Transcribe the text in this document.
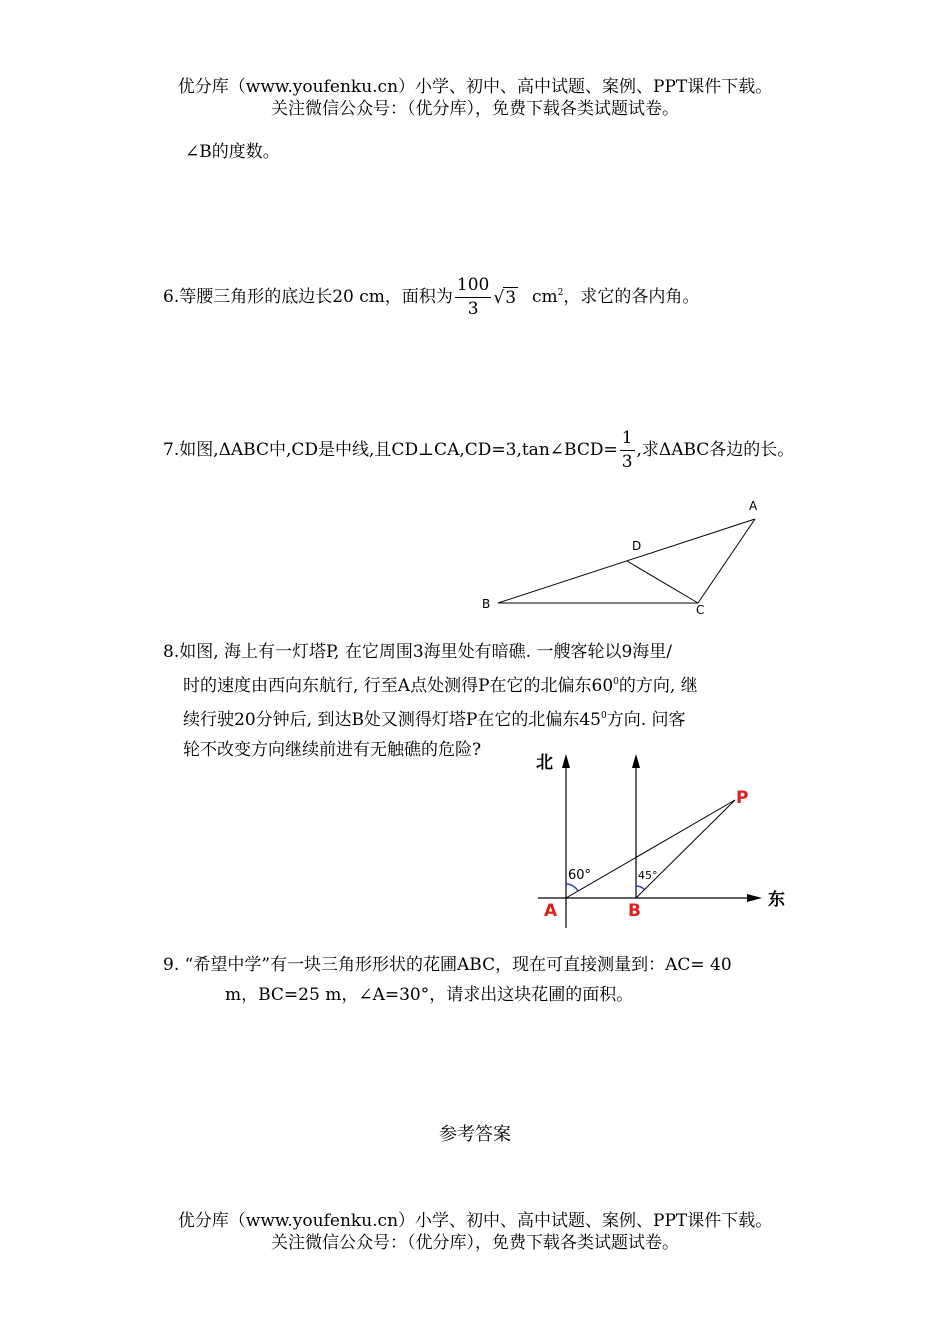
优分库（www.youfenku.cn）小学、初中、高中试题、案例、PPT课件下载。
关注微信公众号：（优分库），免费下载各类试题试卷。
∠B的度数。
6.等腰三角形的底边长20 cm，面积为 $\frac{100}{3} √3$ $cm^2$，求它的各内角。
7.如图,ΔABC中,CD是中线,且CD⊥CA,CD=3,tan∠BCD= $\frac{1}{3}$ ,求ΔABC各边的长。
A
B	C
D
8.如图, 海上有一灯塔P, 在它周围3海里处有暗礁. 一艘客轮以9海里/
时的速度由西向东航行, 行至A点处测得P在它的北偏东$60^0$的方向, 继
续行驶20分钟后, 到达B处又测得灯塔P在它的北偏东$45^0$方向. 问客
轮不改变方向继续前进有无触礁的危险?
北
东
60°	45°
A	B
P
9. “希望中学”有一块三角形形状的花圃ABC，现在可直接测量到：AC= 40
m，BC=25 m，∠A=30°，请求出这块花圃的面积。
参考答案
优分库（www.youfenku.cn）小学、初中、高中试题、案例、PPT课件下载。
关注微信公众号：（优分库），免费下载各类试题试卷。
